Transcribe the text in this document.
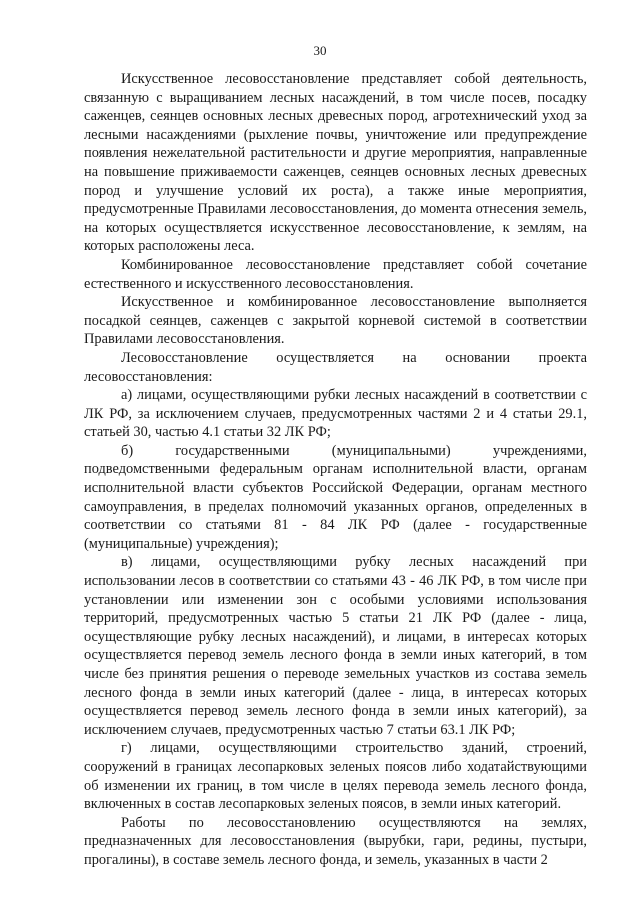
30

Искусственное лесовосстановление представляет собой деятельность, связанную с выращиванием лесных насаждений, в том числе посев, посадку саженцев, сеянцев основных лесных древесных пород, агротехнический уход за лесными насаждениями (рыхление почвы, уничтожение или предупреждение появления нежелательной растительности и другие мероприятия, направленные на повышение приживаемости саженцев, сеянцев основных лесных древесных пород и улучшение условий их роста), а также иные мероприятия, предусмотренные Правилами лесовосстановления, до момента отнесения земель, на которых осуществляется искусственное лесовосстановление, к землям, на которых расположены леса.

Комбинированное лесовосстановление представляет собой сочетание естественного и искусственного лесовосстановления.

Искусственное и комбинированное лесовосстановление выполняется посадкой сеянцев, саженцев с закрытой корневой системой в соответствии Правилами лесовосстановления.

Лесовосстановление осуществляется на основании проекта лесовосстановления:

а) лицами, осуществляющими рубки лесных насаждений в соответствии с ЛК РФ, за исключением случаев, предусмотренных частями 2 и 4 статьи 29.1, статьей 30, частью 4.1 статьи 32 ЛК РФ;

б) государственными (муниципальными) учреждениями, подведомственными федеральным органам исполнительной власти, органам исполнительной власти субъектов Российской Федерации, органам местного самоуправления, в пределах полномочий указанных органов, определенных в соответствии со статьями 81 - 84 ЛК РФ (далее - государственные (муниципальные) учреждения);

в) лицами, осуществляющими рубку лесных насаждений при использовании лесов в соответствии со статьями 43 - 46 ЛК РФ, в том числе при установлении или изменении зон с особыми условиями использования территорий, предусмотренных частью 5 статьи 21 ЛК РФ (далее - лица, осуществляющие рубку лесных насаждений), и лицами, в интересах которых осуществляется перевод земель лесного фонда в земли иных категорий, в том числе без принятия решения о переводе земельных участков из состава земель лесного фонда в земли иных категорий (далее - лица, в интересах которых осуществляется перевод земель лесного фонда в земли иных категорий), за исключением случаев, предусмотренных частью 7 статьи 63.1 ЛК РФ;

г) лицами, осуществляющими строительство зданий, строений, сооружений в границах лесопарковых зеленых поясов либо ходатайствующими об изменении их границ, в том числе в целях перевода земель лесного фонда, включенных в состав лесопарковых зеленых поясов, в земли иных категорий.

Работы по лесовосстановлению осуществляются на землях, предназначенных для лесовосстановления (вырубки, гари, редины, пустыри, прогалины), в составе земель лесного фонда, и земель, указанных в части 2
